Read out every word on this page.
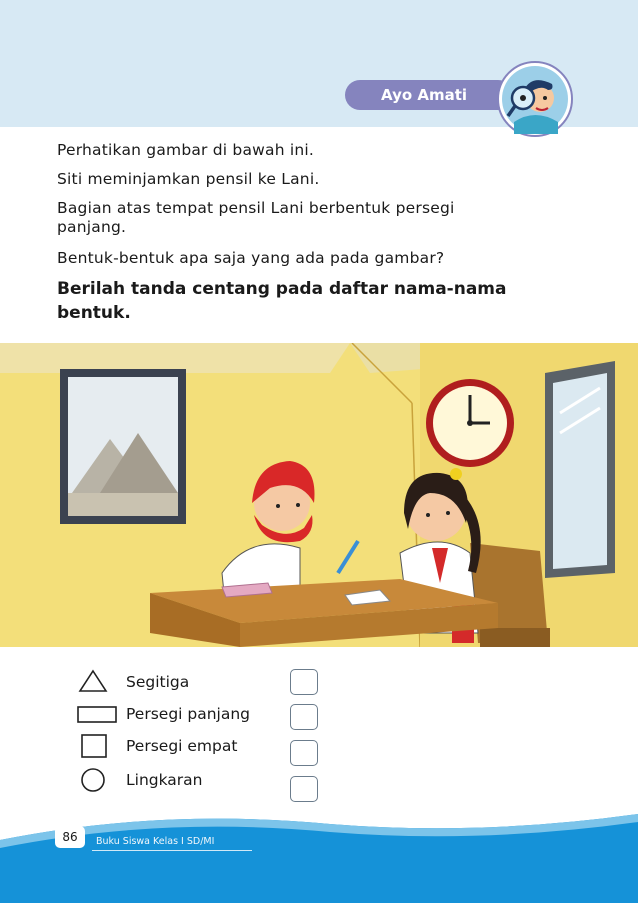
Ayo Amati

Perhatikan gambar di bawah ini.

Siti meminjamkan pensil ke Lani.

Bagian atas tempat pensil Lani berbentuk persegi

panjang.

Bentuk-bentuk apa saja yang ada pada gambar?

Berilah tanda centang pada daftar nama-nama

bentuk.

Segitiga
Persegi panjang
Persegi empat
Lingkaran
86	Buku Siswa Kelas I SD/MI
